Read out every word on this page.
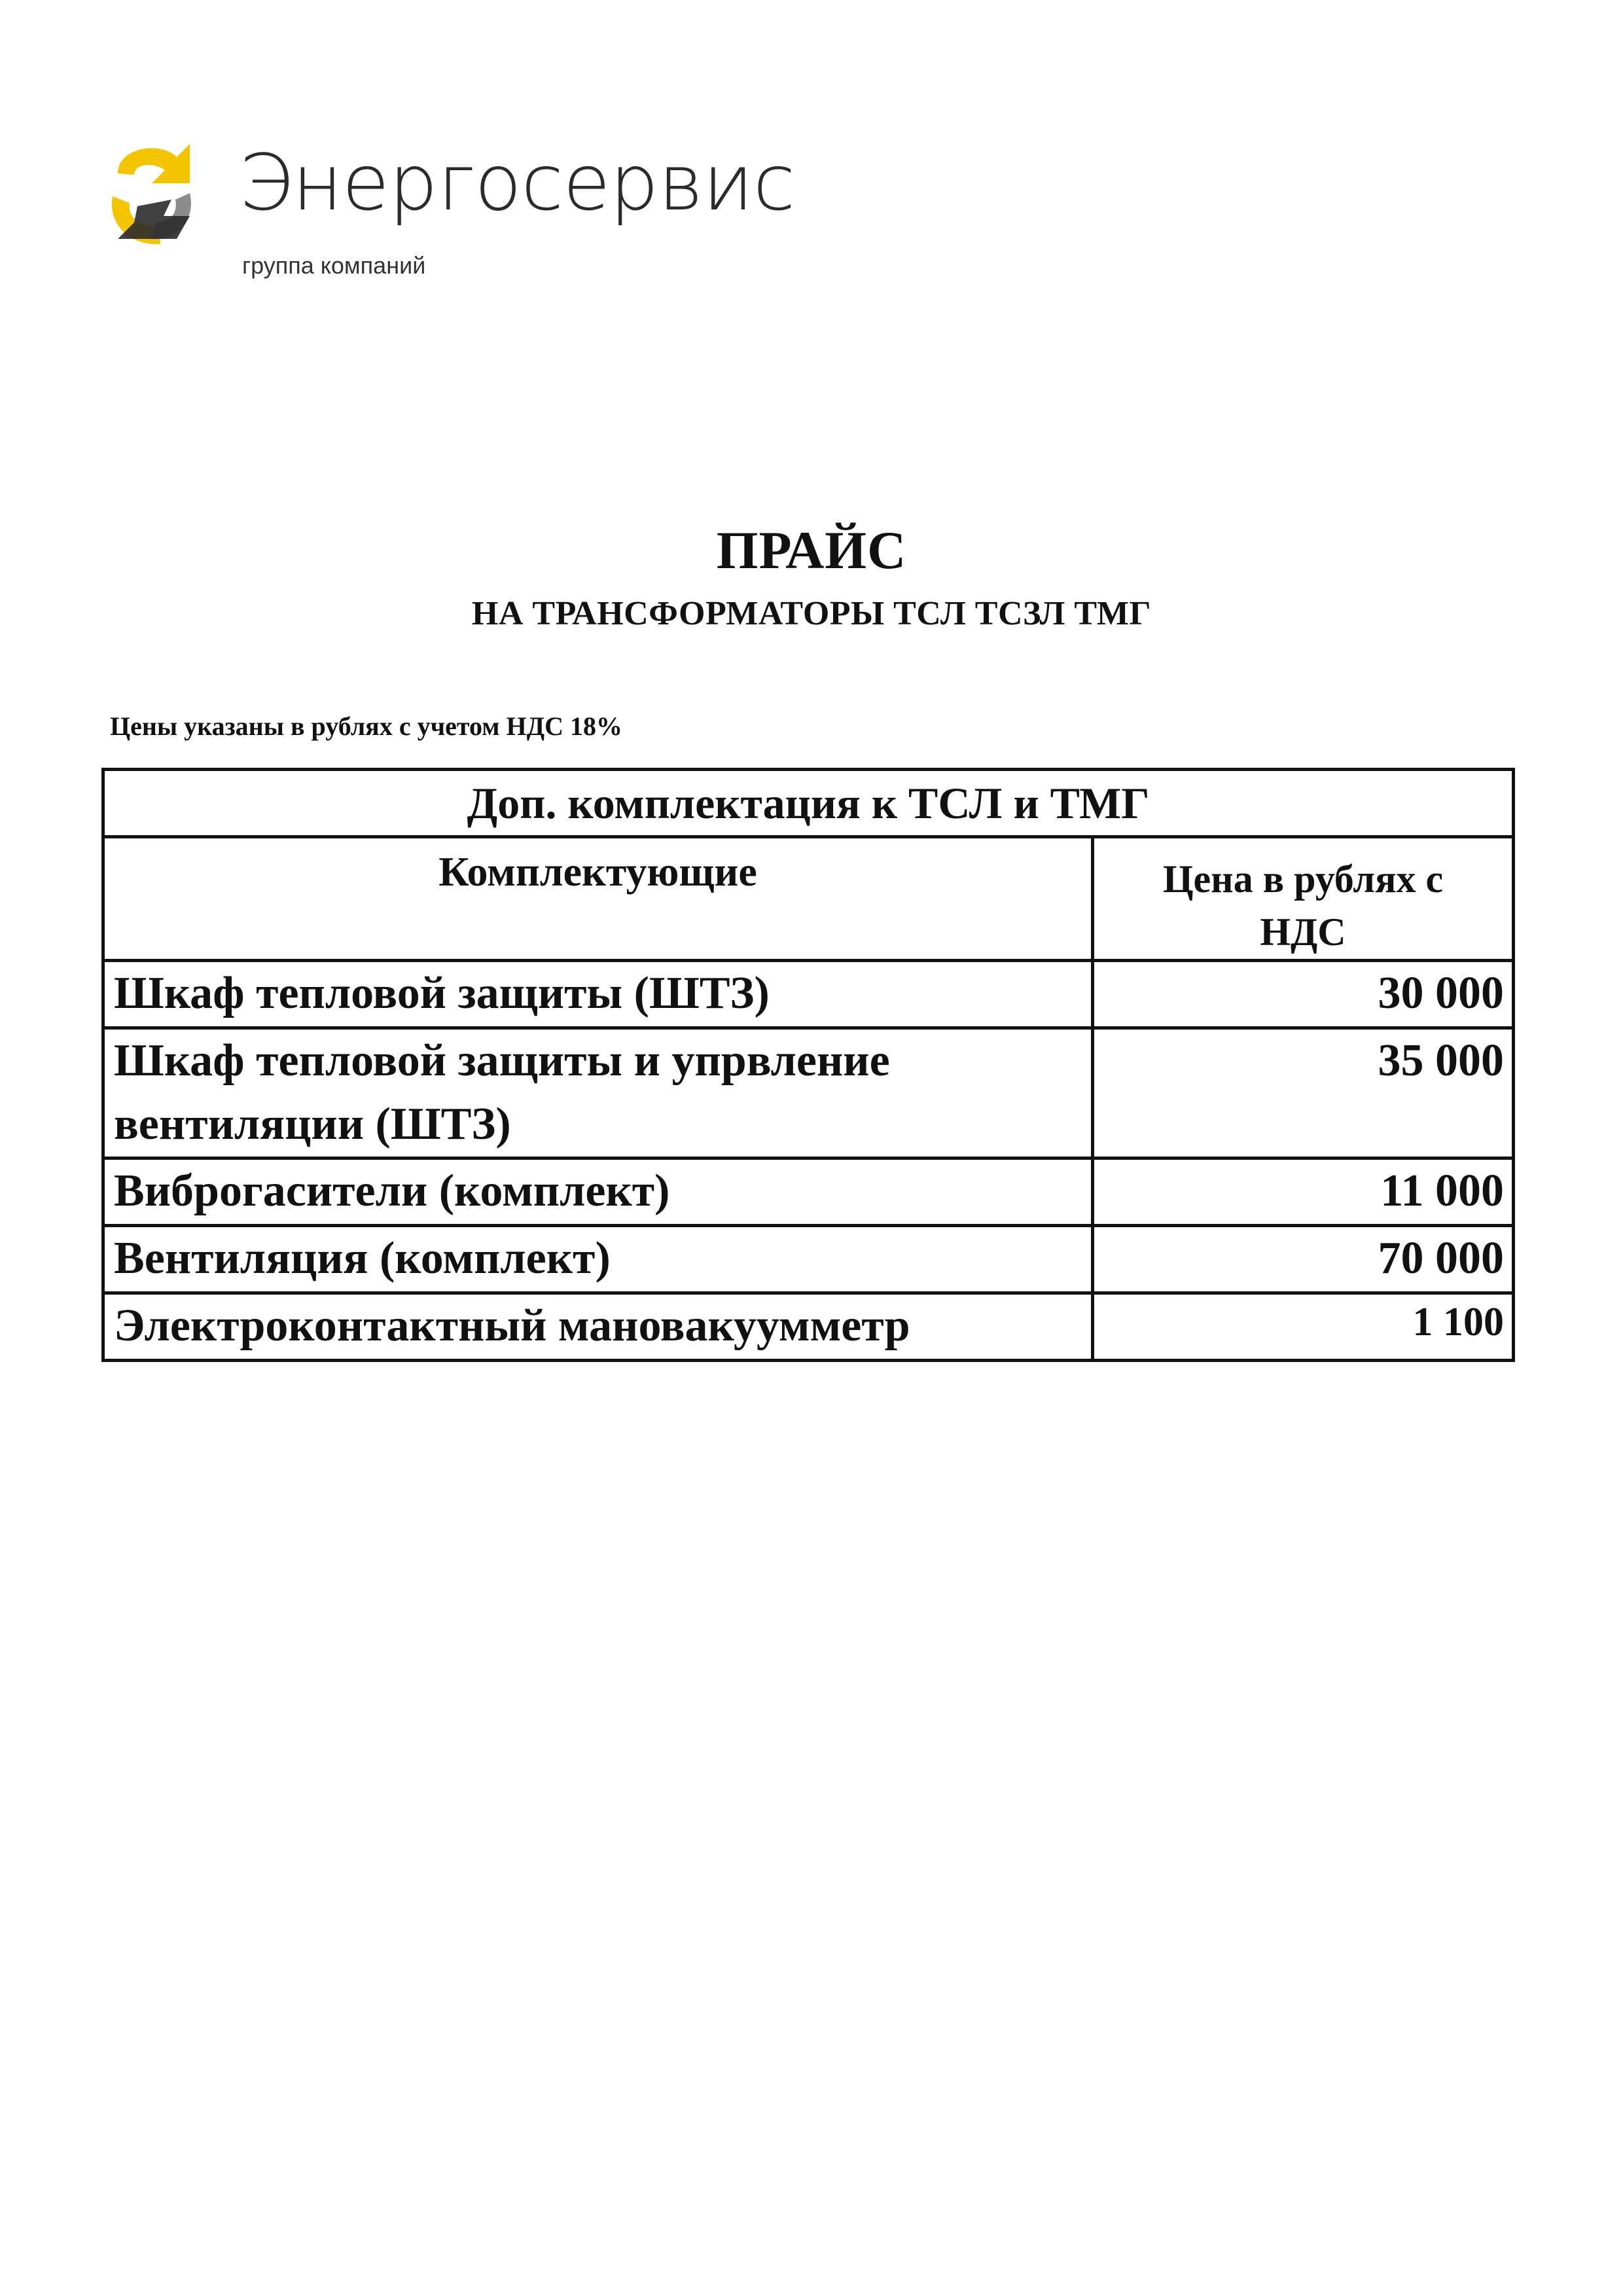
Энергосервис
группа компаний
ПРАЙС
НА ТРАНСФОРМАТОРЫ ТСЛ ТСЗЛ ТМГ
Цены указаны в рублях с учетом НДС 18%
Доп. комплектация к ТСЛ и ТМГ	
Комплектующие	Цена в рублях с
НДС

Шкаф тепловой защиты (ШТЗ)	30 000

Шкаф тепловой защиты и упрвление
вентиляции (ШТЗ)	35 000

Виброгасители (комплект)	11 000

Вентиляция (комплект)	70 000

Электроконтактный мановакуумметр	1 100
